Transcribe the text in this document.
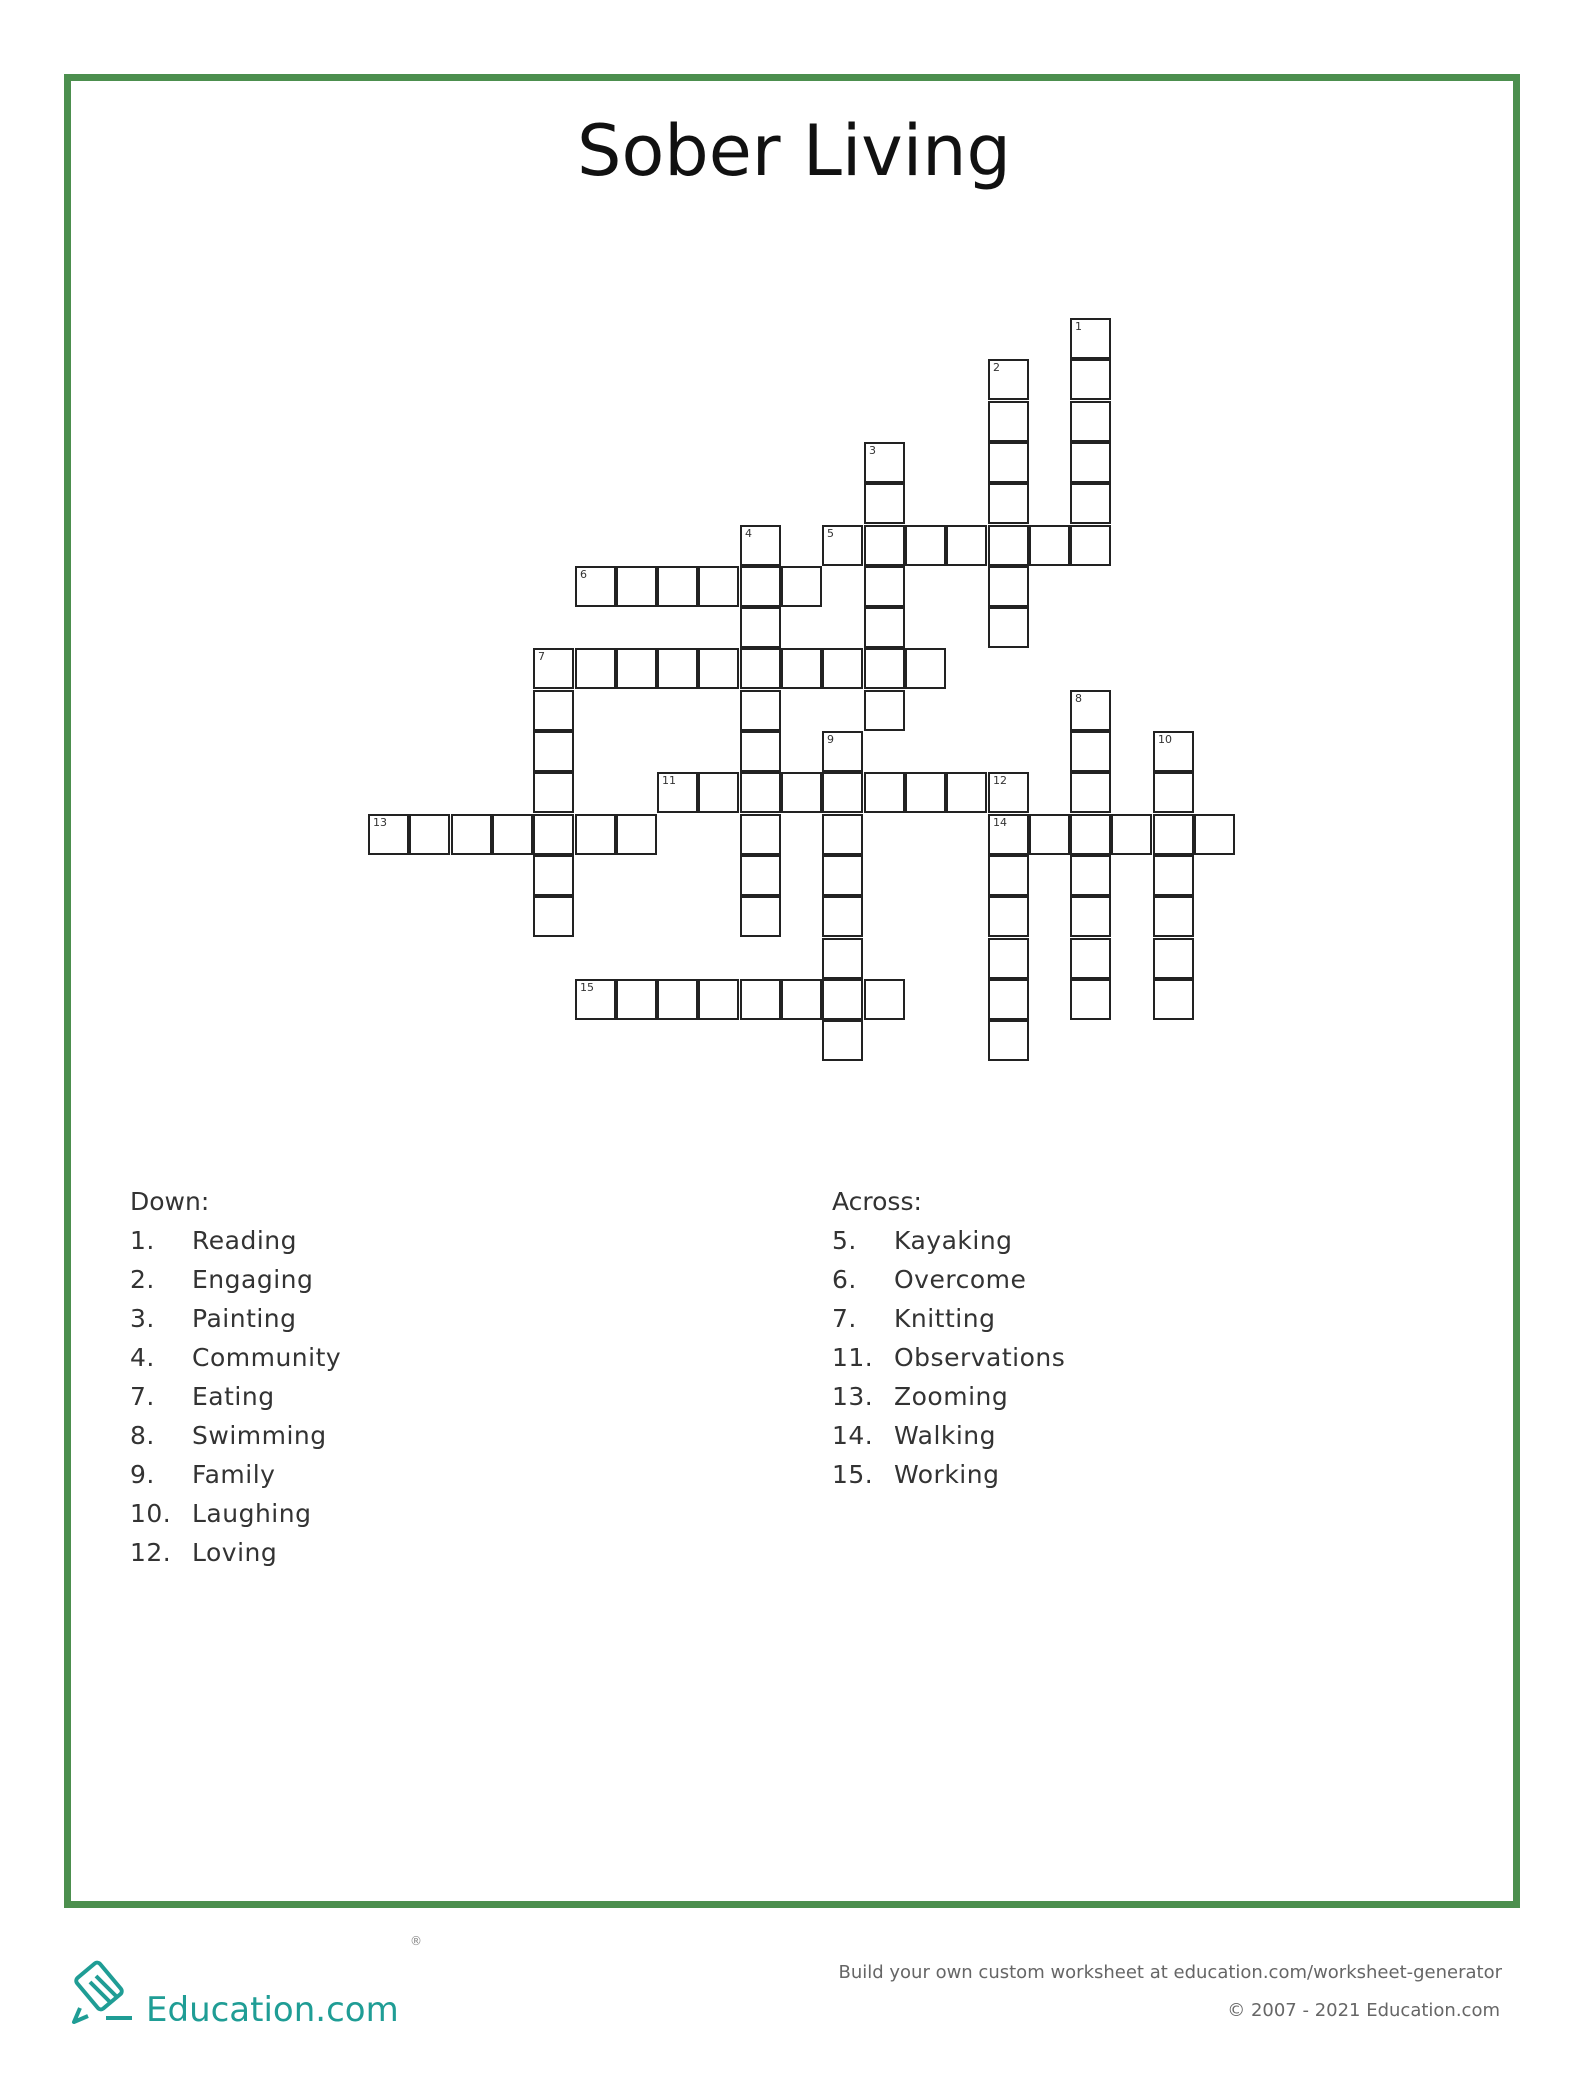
Sober Living
1
2
3
4	5
6
7
8
9	10
11	12
14
13
15
Down:
1.	Reading
2.	Engaging
3.	Painting
4.	Community
7.	Eating
8.	Swimming
9.	Family
10. Laughing
12. Loving
Across:
5.	Kayaking
6.	Overcome
7.	Knitting
11. Observations
13. Zooming
14. Walking
15. Working
Education.com
®
Build your own custom worksheet at education.com/worksheet-generator
© 2007 - 2021 Education.com
